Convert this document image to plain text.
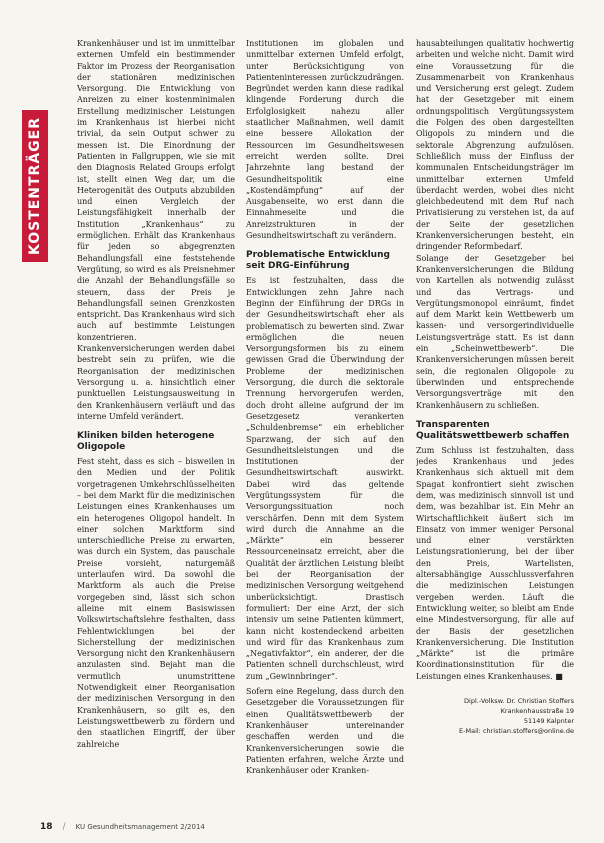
KOSTENTRÄGER

Krankenhäuser und ist im unmittelbar externen Umfeld ein bestimmender Faktor im Prozess der Reorganisation der stationären medizinischen Versorgung. Die Entwicklung von Anreizen zu einer kostenminimalen Erstellung medizinischer Leistungen im Krankenhaus ist hierbei nicht trivial, da sein Output schwer zu messen ist. Die Einordnung der Patienten in Fallgruppen, wie sie mit den Diagnosis Related Groups erfolgt ist, stellt einen Weg dar, um die Heterogenität des Outputs abzubilden und einen Vergleich der Leistungsfähigkeit innerhalb der Institution „Krankenhaus“ zu ermöglichen. Erhält das Krankenhaus für jeden so abgegrenzten Behandlungsfall eine feststehende Vergütung, so wird es als Preisnehmer die Anzahl der Behandlungsfälle so steuern, dass der Preis je Behandlungsfall seinen Grenzkosten entspricht. Das Krankenhaus wird sich auch auf bestimmte Leistungen konzentrieren. Krankenversicherungen werden dabei bestrebt sein zu prüfen, wie die Reorganisation der medizinischen Versorgung u. a. hinsichtlich einer punktuellen Leistungsausweitung in den Krankenhäusern verläuft und das interne Umfeld verändert.

Kliniken bilden heterogene Oligopole

Fest steht, dass es sich – bisweilen in den Medien und der Politik vorgetragenen Umkehrschlüsselheiten – bei dem Markt für die medizinischen Leistungen eines Krankenhauses um ein heterogenes Oligopol handelt. In einer solchen Marktform sind unterschiedliche Preise zu erwarten, was durch ein System, das pauschale Preise vorsieht, naturgemäß unterlaufen wird. Da sowohl die Marktform als auch die Preise vorgegeben sind, lässt sich schon alleine mit einem Basiswissen Volkswirtschaftslehre festhalten, dass Fehlentwicklungen bei der Sicherstellung der medizinischen Versorgung nicht den Krankenhäusern anzulasten sind. Bejaht man die vermutlich unumstrittene Notwendigkeit einer Reorganisation der medizinischen Versorgung in den Krankenhäusern, so gilt es, den Leistungswettbewerb zu fördern und den staatlichen Eingriff, der über zahlreiche

Institutionen im globalen und unmittelbar externen Umfeld erfolgt, unter Berücksichtigung von Patienteninteressen zurückzudrängen. Begründet werden kann diese radikal klingende Forderung durch die Erfolglosigkeit nahezu aller staatlicher Maßnahmen, weil damit eine bessere Allokation der Ressourcen im Gesundheitswesen erreicht werden sollte. Drei Jahrzehnte lang bestand der Gesundheitspolitik eine „Kostendämpfung“ auf der Ausgabenseite, wo erst dann die Einnahmeseite und die Anreizstrukturen in der Gesundheitswirtschaft zu verändern.

Problematische Entwicklung seit DRG-Einführung

Es ist festzuhalten, dass die Entwicklungen zehn Jahre nach Beginn der Einführung der DRGs in der Gesundheitswirtschaft eher als problematisch zu bewerten sind. Zwar ermöglichen die neuen Versorgungsformen bis zu einem gewissen Grad die Überwindung der Probleme der medizinischen Versorgung, die durch die sektorale Trennung hervorgerufen werden, doch droht alleine aufgrund der im Gesetzgesetz verankerten „Schuldenbremse“ ein erheblicher Sparzwang, der sich auf den Gesundheitsleistungen und die Institutionen der Gesundheitswirtschaft auswirkt. Dabei wird das geltende Vergütungssystem für die Versorgungssituation noch verschärfen. Denn mit dem System wird durch die Annahme an die „Märkte“ ein besserer Ressourceneinsatz erreicht, aber die Qualität der ärztlichen Leistung bleibt bei der Reorganisation der medizinischen Versorgung weitgehend unberücksichtigt. Drastisch formuliert: Der eine Arzt, der sich intensiv um seine Patienten kümmert, kann nicht kostendeckend arbeiten und wird für das Krankenhaus zum „Negativfaktor“, ein anderer, der die Patienten schnell durchschleust, wird zum „Gewinnbringer“.

Sofern eine Regelung, dass durch den Gesetzgeber die Voraussetzungen für einen Qualitätswettbewerb der Krankenhäuser untereinander geschaffen werden und die Krankenversicherungen sowie die Patienten erfahren, welche Ärzte und Krankenhäuser oder Kranken-

hausabteilungen qualitativ hochwertig arbeiten und welche nicht. Damit wird eine Voraussetzung für die Zusammenarbeit von Krankenhaus und Versicherung erst gelegt. Zudem hat der Gesetzgeber mit einem ordnungspolitisch Vergütungssystem die Folgen des oben dargestellten Oligopols zu mindern und die sektorale Abgrenzung aufzulösen. Schließlich muss der Einfluss der kommunalen Entscheidungsträger im unmittelbar externen Umfeld überdacht werden, wobei dies nicht gleichbedeutend mit dem Ruf nach Privatisierung zu verstehen ist, da auf der Seite der gesetzlichen Krankenversicherungen besteht, ein dringender Reformbedarf.

Solange der Gesetzgeber bei Krankenversicherungen die Bildung von Kartellen als notwendig zulässt und das Vertrags- und Vergütungsmonopol einräumt, findet auf dem Markt kein Wettbewerb um kassen- und versorgerindividuelle Leistungsverträge statt. Es ist dann ein „Scheinwettbewerb“. Die Krankenversicherungen müssen bereit sein, die regionalen Oligopole zu überwinden und entsprechende Versorgungsverträge mit den Krankenhäusern zu schließen.

Transparenten Qualitätswettbewerb schaffen

Zum Schluss ist festzuhalten, dass jedes Krankenhaus und jedes Krankenhaus sich aktuell mit dem Spagat konfrontiert sieht zwischen dem, was medizinisch sinnvoll ist und dem, was bezahlbar ist. Ein Mehr an Wirtschaftlichkeit äußert sich im Einsatz von immer weniger Personal und einer verstärkten Leistungsrationierung, bei der über den Preis, Wartelisten, altersabhängige Ausschlussverfahren die medizinischen Leistungen vergeben werden. Läuft die Entwicklung weiter, so bleibt am Ende eine Mindestversorgung, für alle auf der Basis der gesetzlichen Krankenversicherung. Die Institution „Märkte“ ist die primäre Koordinationsinstitution für die Leistungen eines Krankenhauses. ■

Dipl.-Volksw. Dr. Christian Stoffers
Krankenhausstraße 19
51149 Kalpnter
E-Mail: christian.stoffers@online.de
18 / KU Gesundheitsmanagement 2/2014
